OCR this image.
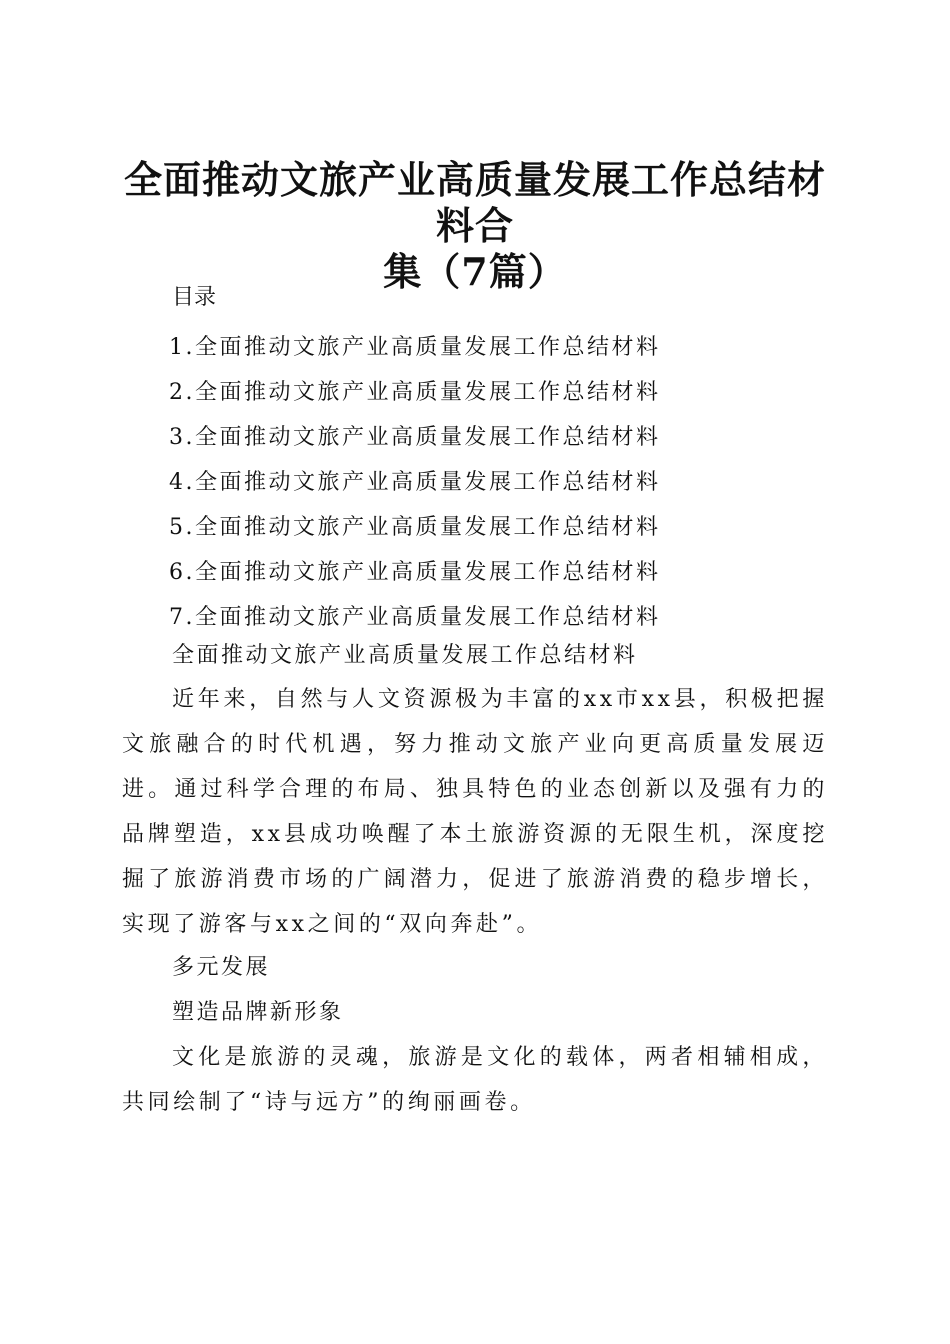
全面推动文旅产业高质量发展工作总结材料合
集（7篇）

目录

1.全面推动文旅产业高质量发展工作总结材料
2.全面推动文旅产业高质量发展工作总结材料
3.全面推动文旅产业高质量发展工作总结材料
4.全面推动文旅产业高质量发展工作总结材料
5.全面推动文旅产业高质量发展工作总结材料
6.全面推动文旅产业高质量发展工作总结材料
7.全面推动文旅产业高质量发展工作总结材料

全面推动文旅产业高质量发展工作总结材料

近年来，自然与人文资源极为丰富的xx市xx县，积极把握文旅融合的时代机遇，努力推动文旅产业向更高质量发展迈进。通过科学合理的布局、独具特色的业态创新以及强有力的品牌塑造，xx县成功唤醒了本土旅游资源的无限生机，深度挖掘了旅游消费市场的广阔潜力，促进了旅游消费的稳步增长，实现了游客与xx之间的“双向奔赴”。

多元发展

塑造品牌新形象

文化是旅游的灵魂，旅游是文化的载体，两者相辅相成，共同绘制了“诗与远方”的绚丽画卷。
